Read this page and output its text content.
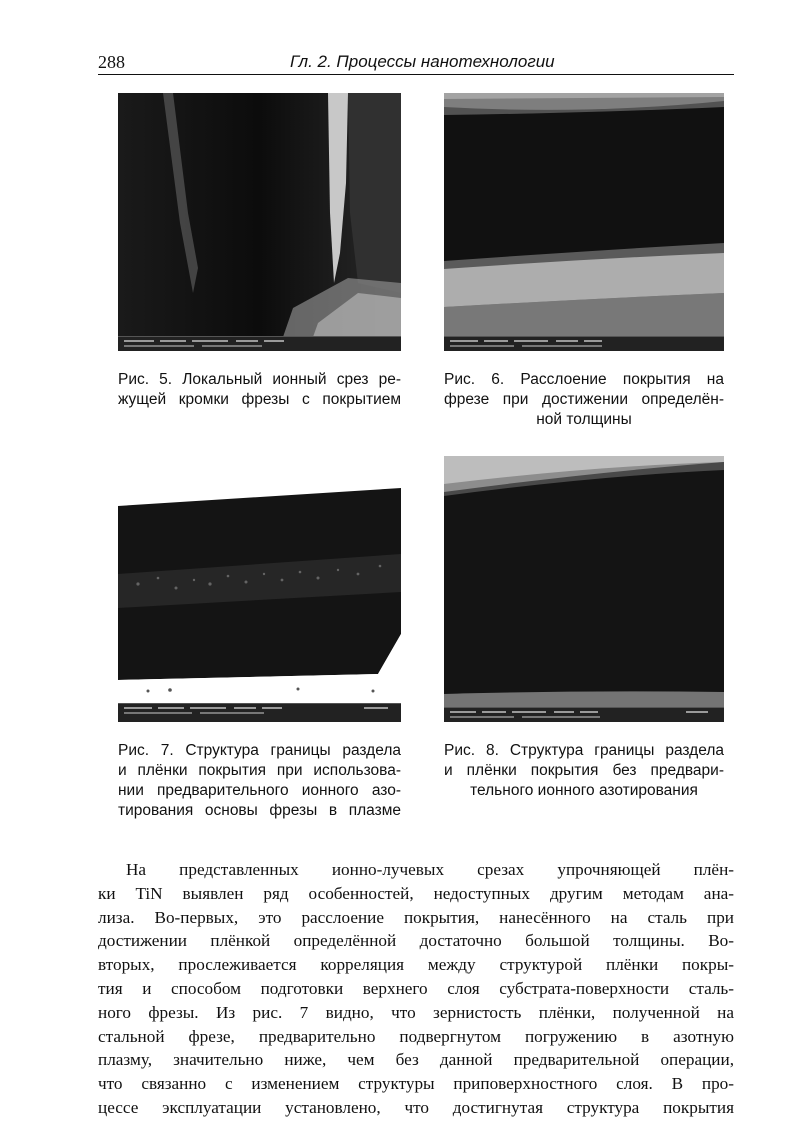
288	Гл. 2. Процессы нанотехнологии
Рис. 5. Локальный ионный срез ре-
жущей кромки фрезы с покрытием
Рис. 6. Расслоение покрытия на
фрезе при достижении определён-
ной толщины
Рис. 7. Структура границы раздела
и плёнки покрытия при использова-
нии предварительного ионного азо-
тирования основы фрезы в плазме
Рис. 8. Структура границы раздела
и плёнки покрытия без предвари-
тельного ионного азотирования
На представленных ионно-лучевых срезах упрочняющей плён-
ки TiN выявлен ряд особенностей, недоступных другим методам ана-
лиза. Во-первых, это расслоение покрытия, нанесённого на сталь при
достижении плёнкой определённой достаточно большой толщины. Во-
вторых, прослеживается корреляция между структурой плёнки покры-
тия и способом подготовки верхнего слоя субстрата-поверхности сталь-
ного фрезы. Из рис. 7 видно, что зернистость плёнки, полученной на
стальной фрезе, предварительно подвергнутом погружению в азотную
плазму, значительно ниже, чем без данной предварительной операции,
что связанно с изменением структуры приповерхностного слоя. В про-
цессе эксплуатации установлено, что достигнутая структура покрытия
